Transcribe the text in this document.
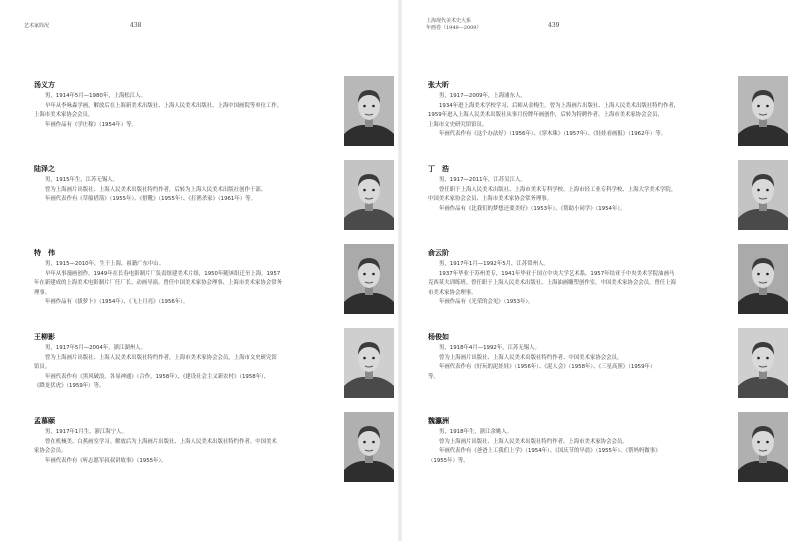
艺术家简况	438
汤义方
男，1914年5月—1980年，上海松江人。
早年从李咏森学画，解放后在上海新美术出版社、上海人民美术出版社、上海中国画院等单位工作。
上海市美术家协会会员。
年画作品有《学庄稼》（1954年）等。
陆泽之
男，1915年生，江苏无锡人。
曾为上海画片出版社、上海人民美术出版社特约作者，后转为上海人民美术出版社创作干部。
年画代表作有《草船借箭》（1955年）、《借靴》（1955年）、《打渔杀家》（1961年）等。
特　伟
男，1915—2010年，生于上海，祖籍广东中山。
早年从事漫画创作，1949年在长春电影制片厂负责组建美术片组，1950年随该组迁至上海，1957
年在新建成的上海美术电影制片厂任厂长、动画导演。曾任中国美术家协会理事、上海市美术家协会常务
理事。
年画作品有《拔萝卜》（1954年）、《飞上月亮》（1956年）。
王柳影
男，1917年5月—2004年，浙江湖州人。
曾为上海画片出版社、上海人民美术出版社特约作者，上海市美术家协会会员，上海市文史研究馆
馆员。
年画代表作有《黑风破浪，各显神通》（合作，1958年）、《建设社会主义新农村》（1958年）、
《降龙伏虎》（1959年）等。
孟慕颐
男，1917年1月生，浙江海宁人。
曾在机械美、白蕉画室学习。解放后为上海画片出版社、上海人民美术出版社特约作者。中国美术
家协会会员。
年画代表作有《听志愿军叔叔讲故事》（1955年）。
上海现代美术史大系
年画卷（1949—2009）	439
张大昕
男，1917—2009年，上海浦东人。
1934年进上海美术学校学习，后师从金梅生。曾为上海画片出版社、上海人民美术出版社特约作者，
1959年进入上海人民美术出版社从事月份牌年画创作，后转为特聘作者。上海市美术家协会会员、
上海市文史研究馆馆员。
年画代表作有《这个办法好》（1956年）、《穿木珠》（1957年）、《娃娃看画报》（1962年）等。
丁　浩
男，1917—2011年，江苏吴江人。
曾任职于上海人民美术出版社、上海市美术专科学校、上海市轻工业专科学校、上海大学美术学院。
中国美术家协会会员、上海市美术家协会常务理事。
年画作品有《比我们的梦想还要美好》（1953年）、《帮助小同学》（1954年）。
俞云阶
男，1917年1月—1992年5月，江苏常州人。
1937年毕业于苏州美专，1941年毕业于国立中央大学艺术系，1957年结业于中央美术学院油画马
克西莫夫训练班。曾任职于上海人民美术出版社、上海油画雕塑创作室。中国美术家协会会员，曾任上海
市美术家协会理事。
年画作品有《光荣的会见》（1953年）。
杨俊如
男，1918年4月—1992年，江苏无锡人。
曾为上海画片出版社、上海人民美术出版社特约作者、中国美术家协会会员。
年画代表作有《好玩的泥娃娃》（1956年）、《泥人会》（1958年）、《三星高照》（1959年）
等。
魏瀛洲
男，1918年生，浙江余姚人。
曾为上海画片出版社、上海人民美术出版社特约作者。上海市美术家协会会员。
年画代表作有《爸爸上工我们上学》（1954年）、《国庆节的早晨》（1955年）、《帮妈妈做事》
（1955年）等。
